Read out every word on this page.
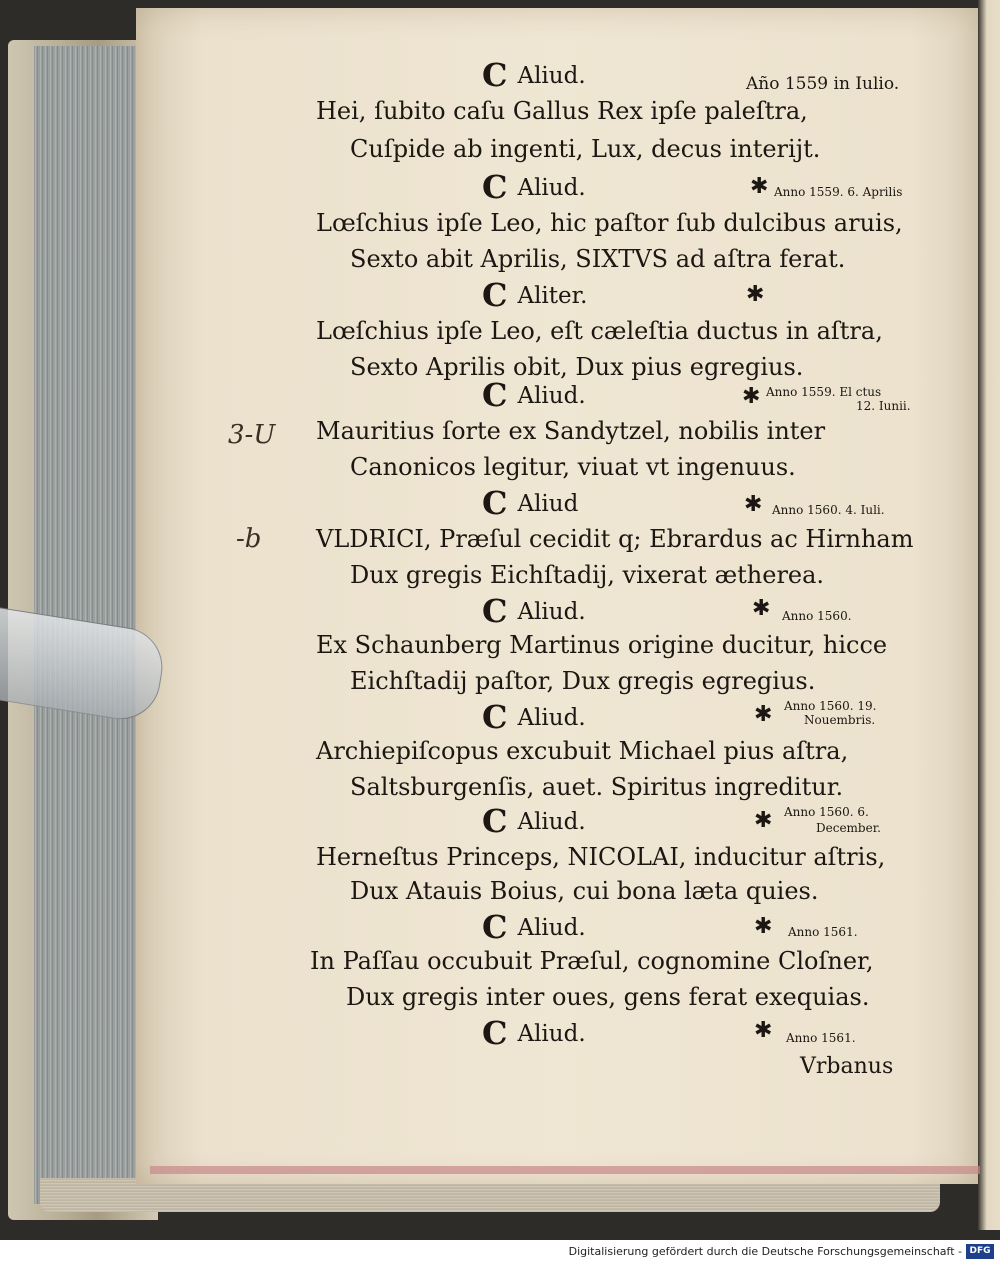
3-U
-b
C Aliud.	Año 1559 in Iulio.
Hei, ſubito caſu Gallus Rex ipſe paleſtra,
Cuſpide ab ingenti, Lux, decus interijt.
C Aliud.	✱ Anno 1559. 6. Aprilis
Lœſchius ipſe Leo, hic paſtor ſub dulcibus aruis,
Sexto abit Aprilis, SIXTVS ad aſtra ferat.
C Aliter.	✱
Lœſchius ipſe Leo, eſt cæleſtia ductus in aſtra,
Sexto Aprilis obit, Dux pius egregius.
C Aliud.	✱ Anno 1559. El ctus
12. Iunii.
Mauritius ſorte ex Sandytzel, nobilis inter
Canonicos legitur, viuat vt ingenuus.
C Aliud	✱ Anno 1560. 4. Iuli.
VLDRICI, Præſul cecidit q; Ebrardus ac Hirnham
Dux gregis Eichſtadij, vixerat ætherea.
C Aliud.	✱ Anno 1560.
Ex Schaunberg Martinus origine ducitur, hicce
Eichſtadij paſtor, Dux gregis egregius.
C Aliud.	✱ Anno 1560. 19.
Nouembris.
Archiepiſcopus excubuit Michael pius aſtra,
Saltsburgenſis, auet. Spiritus ingreditur.
C Aliud.	✱ Anno 1560. 6.
December.
Herneſtus Princeps, NICOLAI, inducitur aſtris,
Dux Atauis Boius, cui bona læta quies.
C Aliud.	✱ Anno 1561.
In Paſſau occubuit Præſul, cognomine Cloſner,
Dux gregis inter oues, gens ferat exequias.
C Aliud.	✱ Anno 1561.
Vrbanus
Digitalisierung gefördert durch die Deutsche Forschungsgemeinschaft - DFG
